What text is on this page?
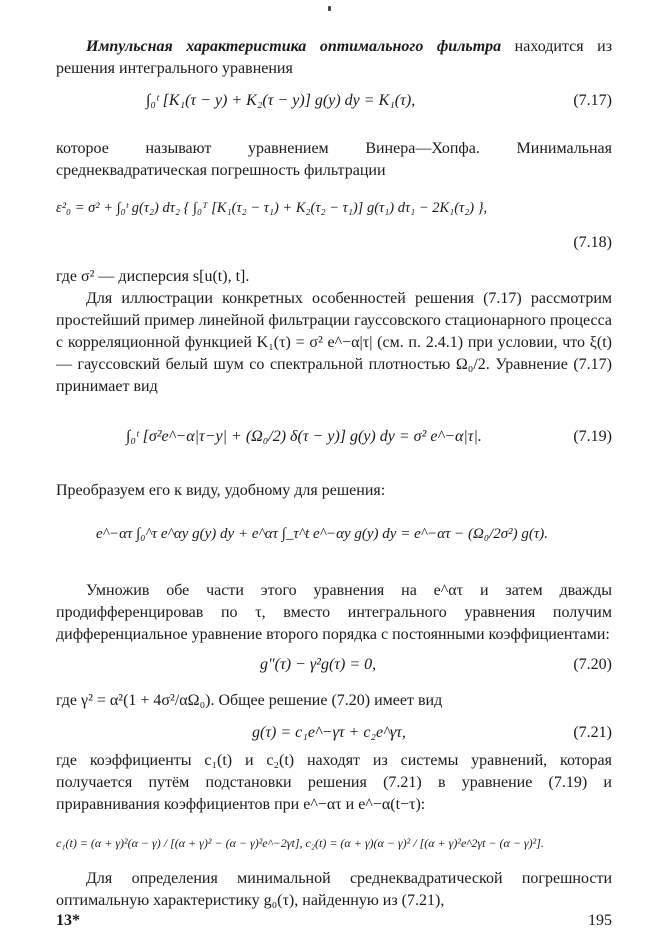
Импульсная характеристика оптимального фильтра находится из решения интегрального уравнения
∫₀ᵗ [K₁(τ − y) + K₂(τ − y)] g(y) dy = K₁(τ),	(7.17)
которое называют уравнением Винера—Хопфа. Минимальная среднеквадратическая погрешность фильтрации
ε²₀ = σ² + ∫₀ᵗ g(τ₂) dτ₂ { ∫₀ᵀ [K₁(τ₂ − τ₁) + K₂(τ₂ − τ₁)] g(τ₁) dτ₁ − 2K₁(τ₂) },
(7.18)
где σ² — дисперсия s[u(t), t].
Для иллюстрации конкретных особенностей решения (7.17) рассмотрим простейший пример линейной фильтрации гауссовского стационарного процесса с корреляционной функцией K₁(τ) = σ² e^−α|τ| (см. п. 2.4.1) при условии, что ξ(t) — гауссовский белый шум со спектральной плотностью Ω₀/2. Уравнение (7.17) принимает вид
∫₀ᵗ [σ²e^−α|τ−y| + (Ω₀/2) δ(τ − y)] g(y) dy = σ² e^−α|τ|.	(7.19)
Преобразуем его к виду, удобному для решения:
e^−ατ ∫₀^τ e^αy g(y) dy + e^ατ ∫_τ^t e^−αy g(y) dy = e^−ατ − (Ω₀/2σ²) g(τ).
Умножив обе части этого уравнения на e^ατ и затем дважды продифференцировав по τ, вместо интегрального уравнения получим дифференциальное уравнение второго порядка с постоянными коэффициентами:
g″(τ) − γ²g(τ) = 0,	(7.20)
где γ² = α²(1 + 4σ²/αΩ₀). Общее решение (7.20) имеет вид
g(τ) = c₁e^−γτ + c₂e^γτ,	(7.21)
где коэффициенты c₁(t) и c₂(t) находят из системы уравнений, которая получается путём подстановки решения (7.21) в уравнение (7.19) и приравнивания коэффициентов при e^−ατ и e^−α(t−τ):
c₁(t) = (α + γ)²(α − γ) / [(α + γ)² − (α − γ)²e^−2γt], c₂(t) = (α + γ)(α − γ)² / [(α + γ)²e^2γt − (α − γ)²].
Для определения минимальной среднеквадратической погрешности оптимальную характеристику g₀(τ), найденную из (7.21),
13*	195
